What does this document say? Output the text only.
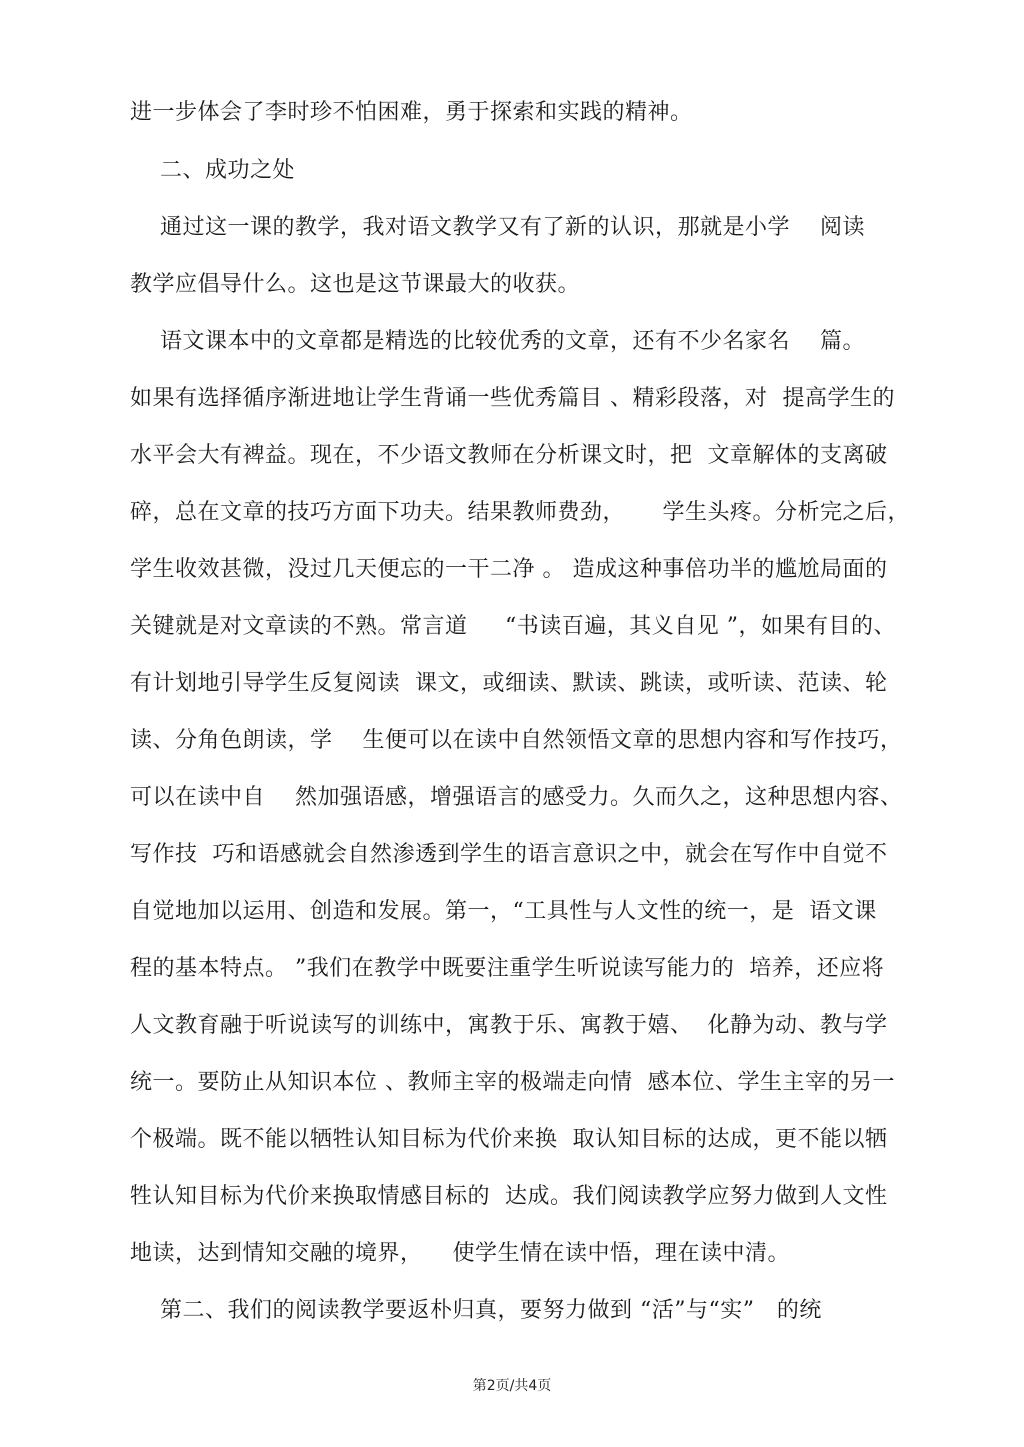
进一步体会了李时珍不怕困难，勇于探索和实践的精神。
二、成功之处
通过这一课的教学，我对语文教学又有了新的认识，那就是小学    阅读
教学应倡导什么。这也是这节课最大的收获。
语文课本中的文章都是精选的比较优秀的文章，还有不少名家名    篇。
如果有选择循序渐进地让学生背诵一些优秀篇目 、精彩段落，对  提高学生的
水平会大有裨益。现在，不少语文教师在分析课文时，把  文章解体的支离破
碎，总在文章的技巧方面下功夫。结果教师费劲，     学生头疼。分析完之后，
学生收效甚微，没过几天便忘的一干二净 。 造成这种事倍功半的尴尬局面的
关键就是对文章读的不熟。常言道     “书读百遍，其义自见 ”，如果有目的、
有计划地引导学生反复阅读  课文，或细读、默读、跳读，或听读、范读、轮
读、分角色朗读，学    生便可以在读中自然领悟文章的思想内容和写作技巧，
可以在读中自    然加强语感，增强语言的感受力。久而久之，这种思想内容、
写作技  巧和语感就会自然渗透到学生的语言意识之中，就会在写作中自觉不
自觉地加以运用、创造和发展。第一，“工具性与人文性的统一，是  语文课
程的基本特点。 ”我们在教学中既要注重学生听说读写能力的  培养，还应将
人文教育融于听说读写的训练中，寓教于乐、寓教于嬉、  化静为动、教与学
统一。要防止从知识本位 、教师主宰的极端走向情  感本位、学生主宰的另一
个极端。既不能以牺牲认知目标为代价来换  取认知目标的达成，更不能以牺
牲认知目标为代价来换取情感目标的  达成。我们阅读教学应努力做到人文性
地读，达到情知交融的境界，    使学生情在读中悟，理在读中清。
第二、我们的阅读教学要返朴归真，要努力做到 “活”与“实”   的统
第2页/共4页
